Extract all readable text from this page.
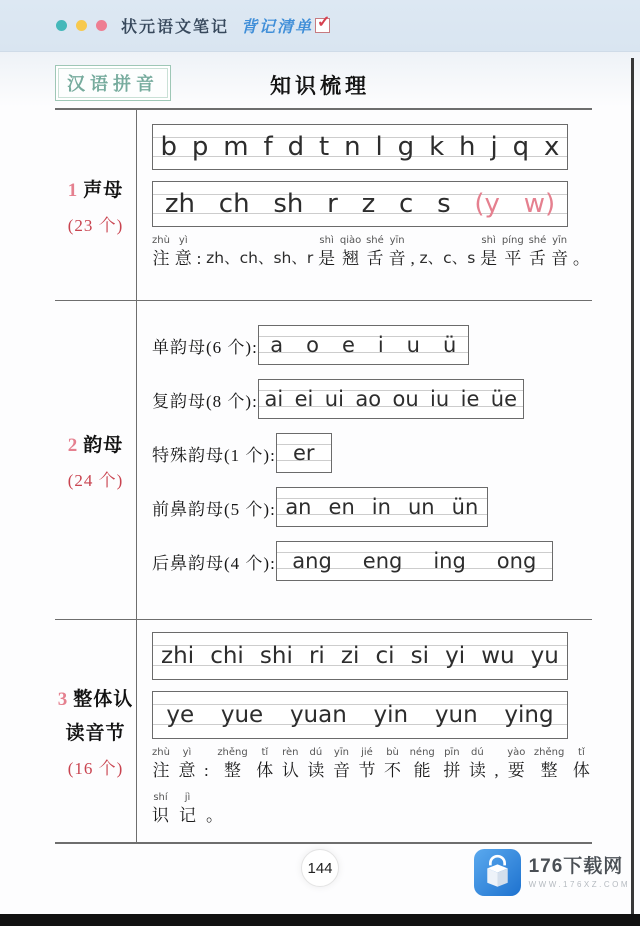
状元语文笔记 背记清单
✓
汉语拼音	知识梳理
1 声母
(23 个)
b p m f d t n l g k h j q x
zh ch sh r z c s (y w)
zhù
注
yì
意 : zh、ch、sh、r
shì
是
qiào
翘
shé
舌
yīn
音 , z、c、s
shì
是
píng
平
shé
舌
yīn
音 。
2 韵母
(24 个)
单韵母(6 个): a o e i u ü
复韵母(8 个): ai ei ui ao ou iu ie üe
特殊韵母(1 个): er
前鼻韵母(5 个): an en in un ün
后鼻韵母(4 个): ang eng ing ong
3 整体认
读音节
(16 个)
zhi chi shi ri zi ci si yi wu yu
ye yue yuan yin yun ying
zhù
注
yì
意 :
zhěng
整
tǐ
体
rèn
认
dú
读
yīn
音
jié
节
bù
不
néng
能
pīn
拼
dú
读 ,
yào
要
zhěng
整
tǐ
体
shí
识
jì
记 。
144	176下载网
WWW.176XZ.COM
